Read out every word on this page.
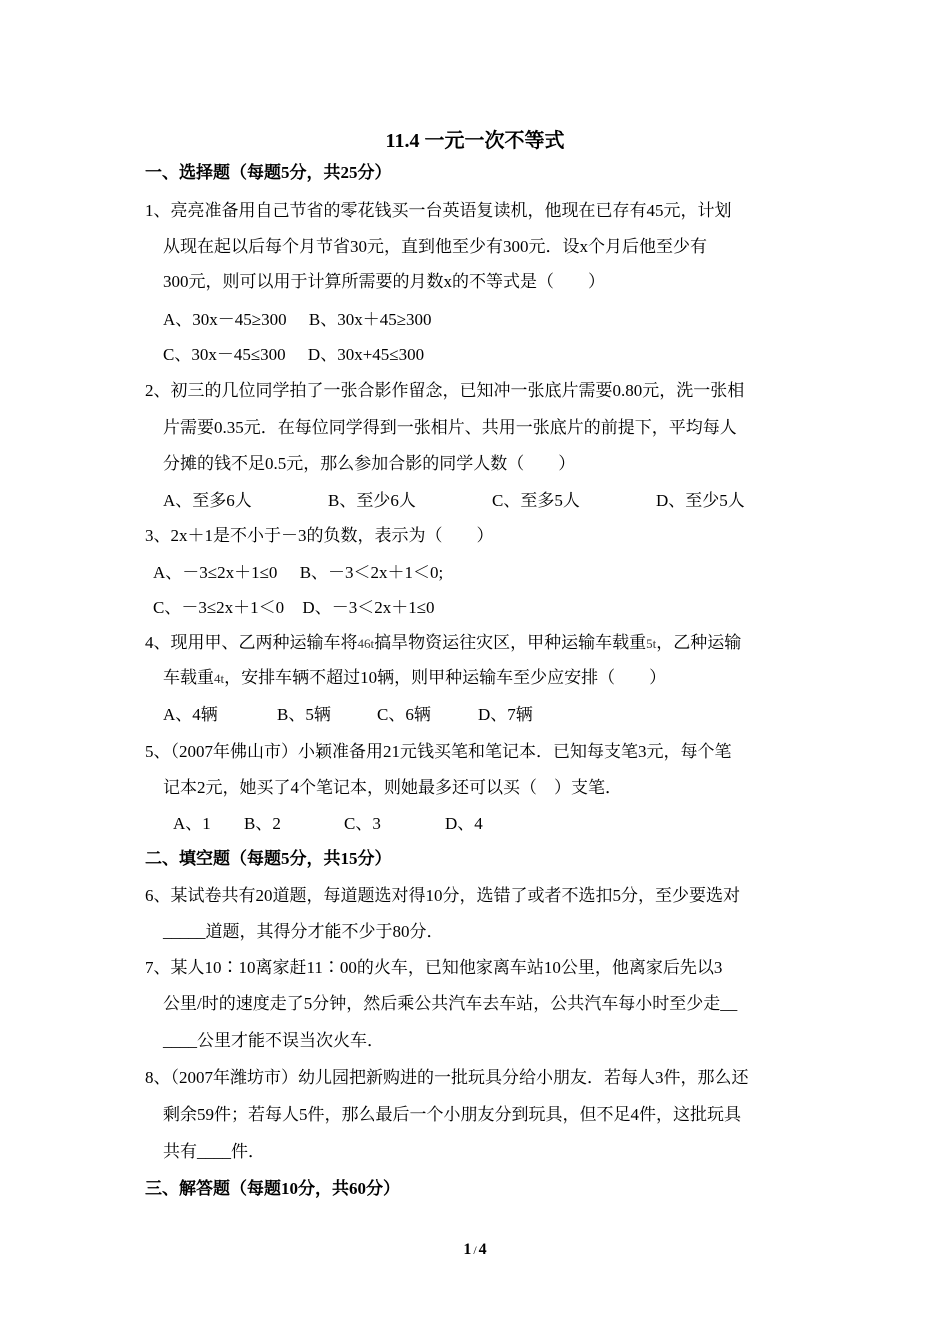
11.4 一元一次不等式
一、选择题（每题5分，共25分）
1、亮亮准备用自己节省的零花钱买一台英语复读机，他现在已存有45元，计划
从现在起以后每个月节省30元，直到他至少有300元．设x个月后他至少有
300元，则可以用于计算所需要的月数x的不等式是（　　）
A、30x－45≥300 B、30x＋45≥300
C、30x－45≤300 D、30x+45≤300
2、初三的几位同学拍了一张合影作留念，已知冲一张底片需要0.80元，洗一张相
片需要0.35元．在每位同学得到一张相片、共用一张底片的前提下，平均每人
分摊的钱不足0.5元，那么参加合影的同学人数（　　）
A、至多6人	B、至少6人	C、至多5人	D、至少5人
3、2x＋1是不小于－3的负数，表示为（　　）
A、－3≤2x＋1≤0 B、－3＜2x＋1＜0;
C、－3≤2x＋1＜0 D、－3＜2x＋1≤0
4、现用甲、乙两种运输车将46t搞旱物资运往灾区，甲种运输车载重5t，乙种运输
车载重4t，安排车辆不超过10辆，则甲种运输车至少应安排（　　）
A、4辆	B、5辆	C、6辆	D、7辆
5、（2007年佛山市）小颖准备用21元钱买笔和笔记本．已知每支笔3元，每个笔
记本2元，她买了4个笔记本，则她最多还可以买（　）支笔．
A、1 B、2	C、3	D、4
二、填空题（每题5分，共15分）
6、某试卷共有20道题，每道题选对得10分，选错了或者不选扣5分，至少要选对
_____道题，其得分才能不少于80分．
7、某人10∶10离家赶11∶00的火车，已知他家离车站10公里，他离家后先以3
公里/时的速度走了5分钟，然后乘公共汽车去车站，公共汽车每小时至少走__
____公里才能不误当次火车．
8、（2007年潍坊市）幼儿园把新购进的一批玩具分给小朋友．若每人3件，那么还
剩余59件；若每人5件，那么最后一个小朋友分到玩具，但不足4件，这批玩具
共有____件．
三、解答题（每题10分，共60分）
1 / 4
